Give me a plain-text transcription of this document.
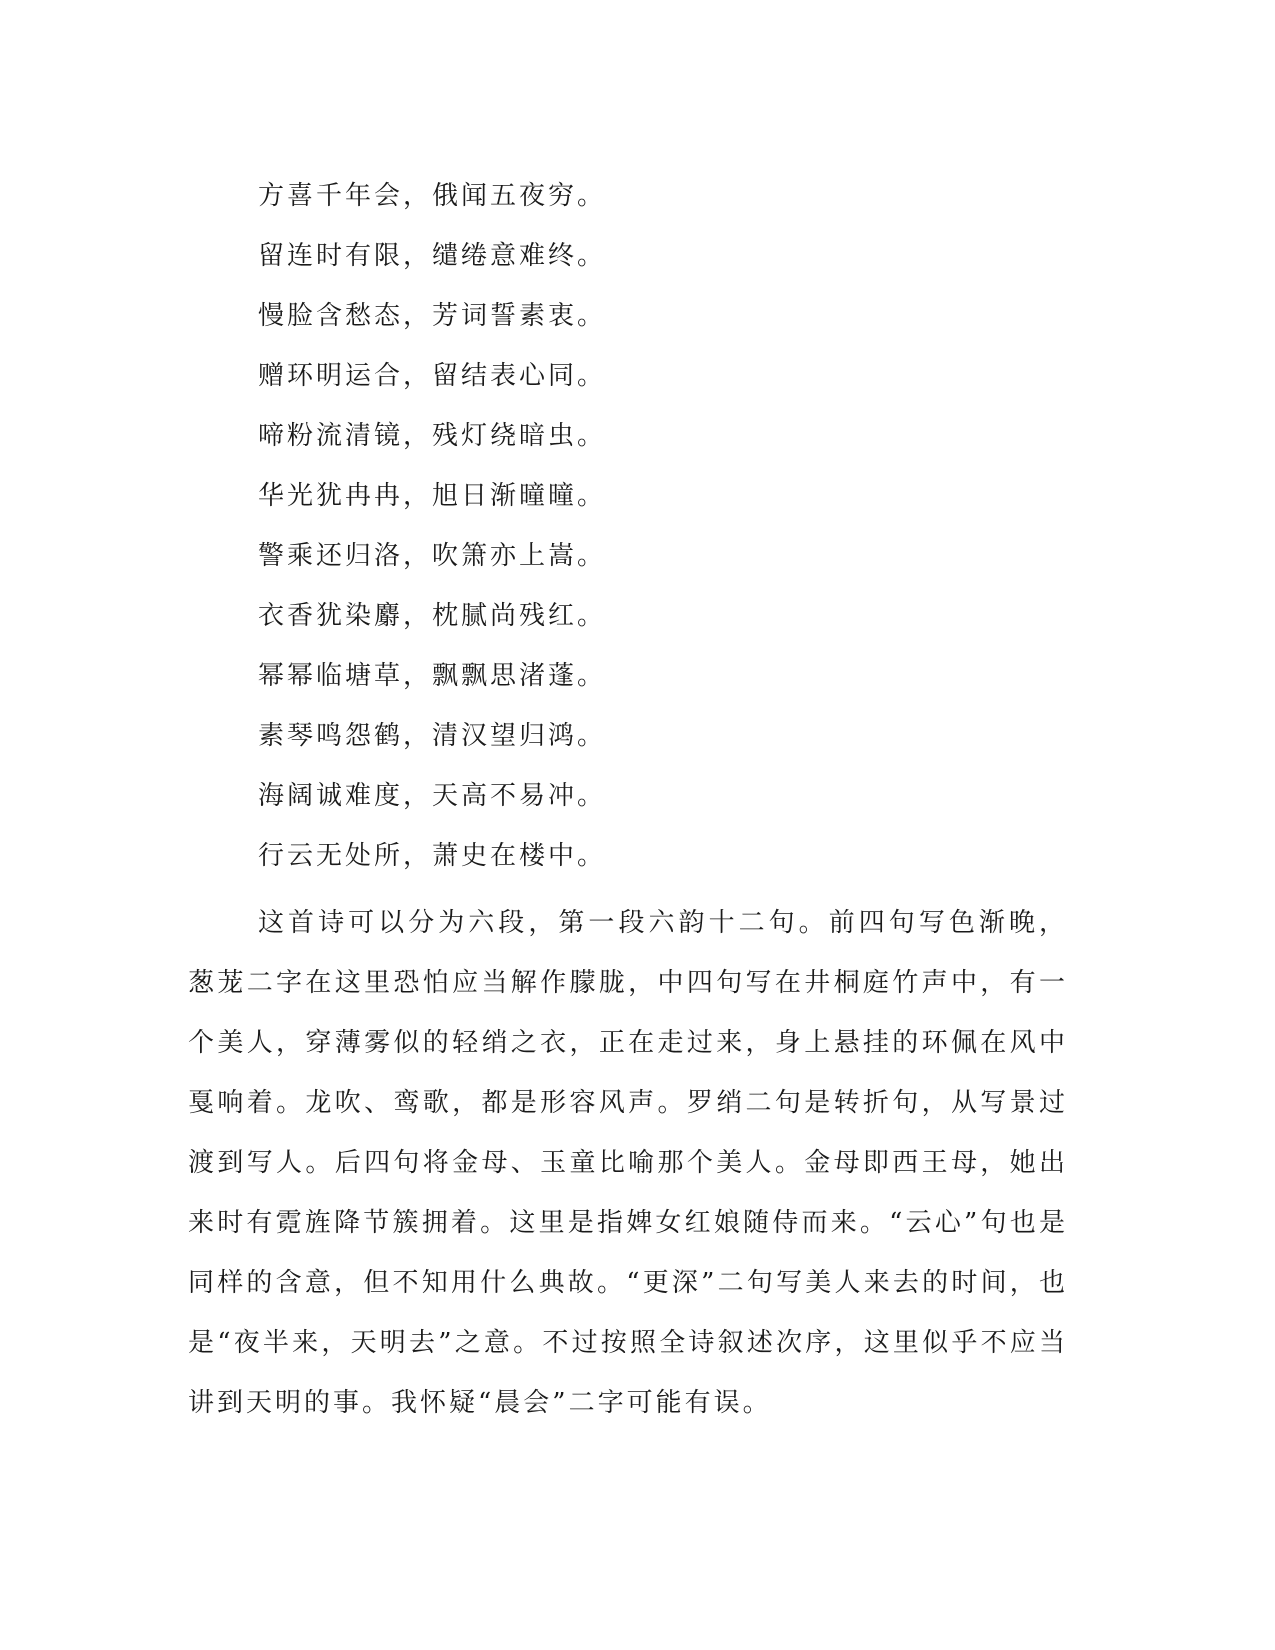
方喜千年会，俄闻五夜穷。
留连时有限，缱绻意难终。
慢脸含愁态，芳词誓素衷。
赠环明运合，留结表心同。
啼粉流清镜，残灯绕暗虫。
华光犹冉冉，旭日渐曈曈。
警乘还归洛，吹箫亦上嵩。
衣香犹染麝，枕腻尚残红。
幂幂临塘草，飘飘思渚蓬。
素琴鸣怨鹤，清汉望归鸿。
海阔诚难度，天高不易冲。
行云无处所，萧史在楼中。

这首诗可以分为六段，第一段六韵十二句。前四句写色渐晚，葱茏二字在这里恐怕应当解作朦胧，中四句写在井桐庭竹声中，有一个美人，穿薄雾似的轻绡之衣，正在走过来，身上悬挂的环佩在风中戛响着。龙吹、鸾歌，都是形容风声。罗绡二句是转折句，从写景过渡到写人。后四句将金母、玉童比喻那个美人。金母即西王母，她出来时有霓旌降节簇拥着。这里是指婢女红娘随侍而来。“云心”句也是同样的含意，但不知用什么典故。“更深”二句写美人来去的时间，也是“夜半来，天明去”之意。不过按照全诗叙述次序，这里似乎不应当讲到天明的事。我怀疑“晨会”二字可能有误。
